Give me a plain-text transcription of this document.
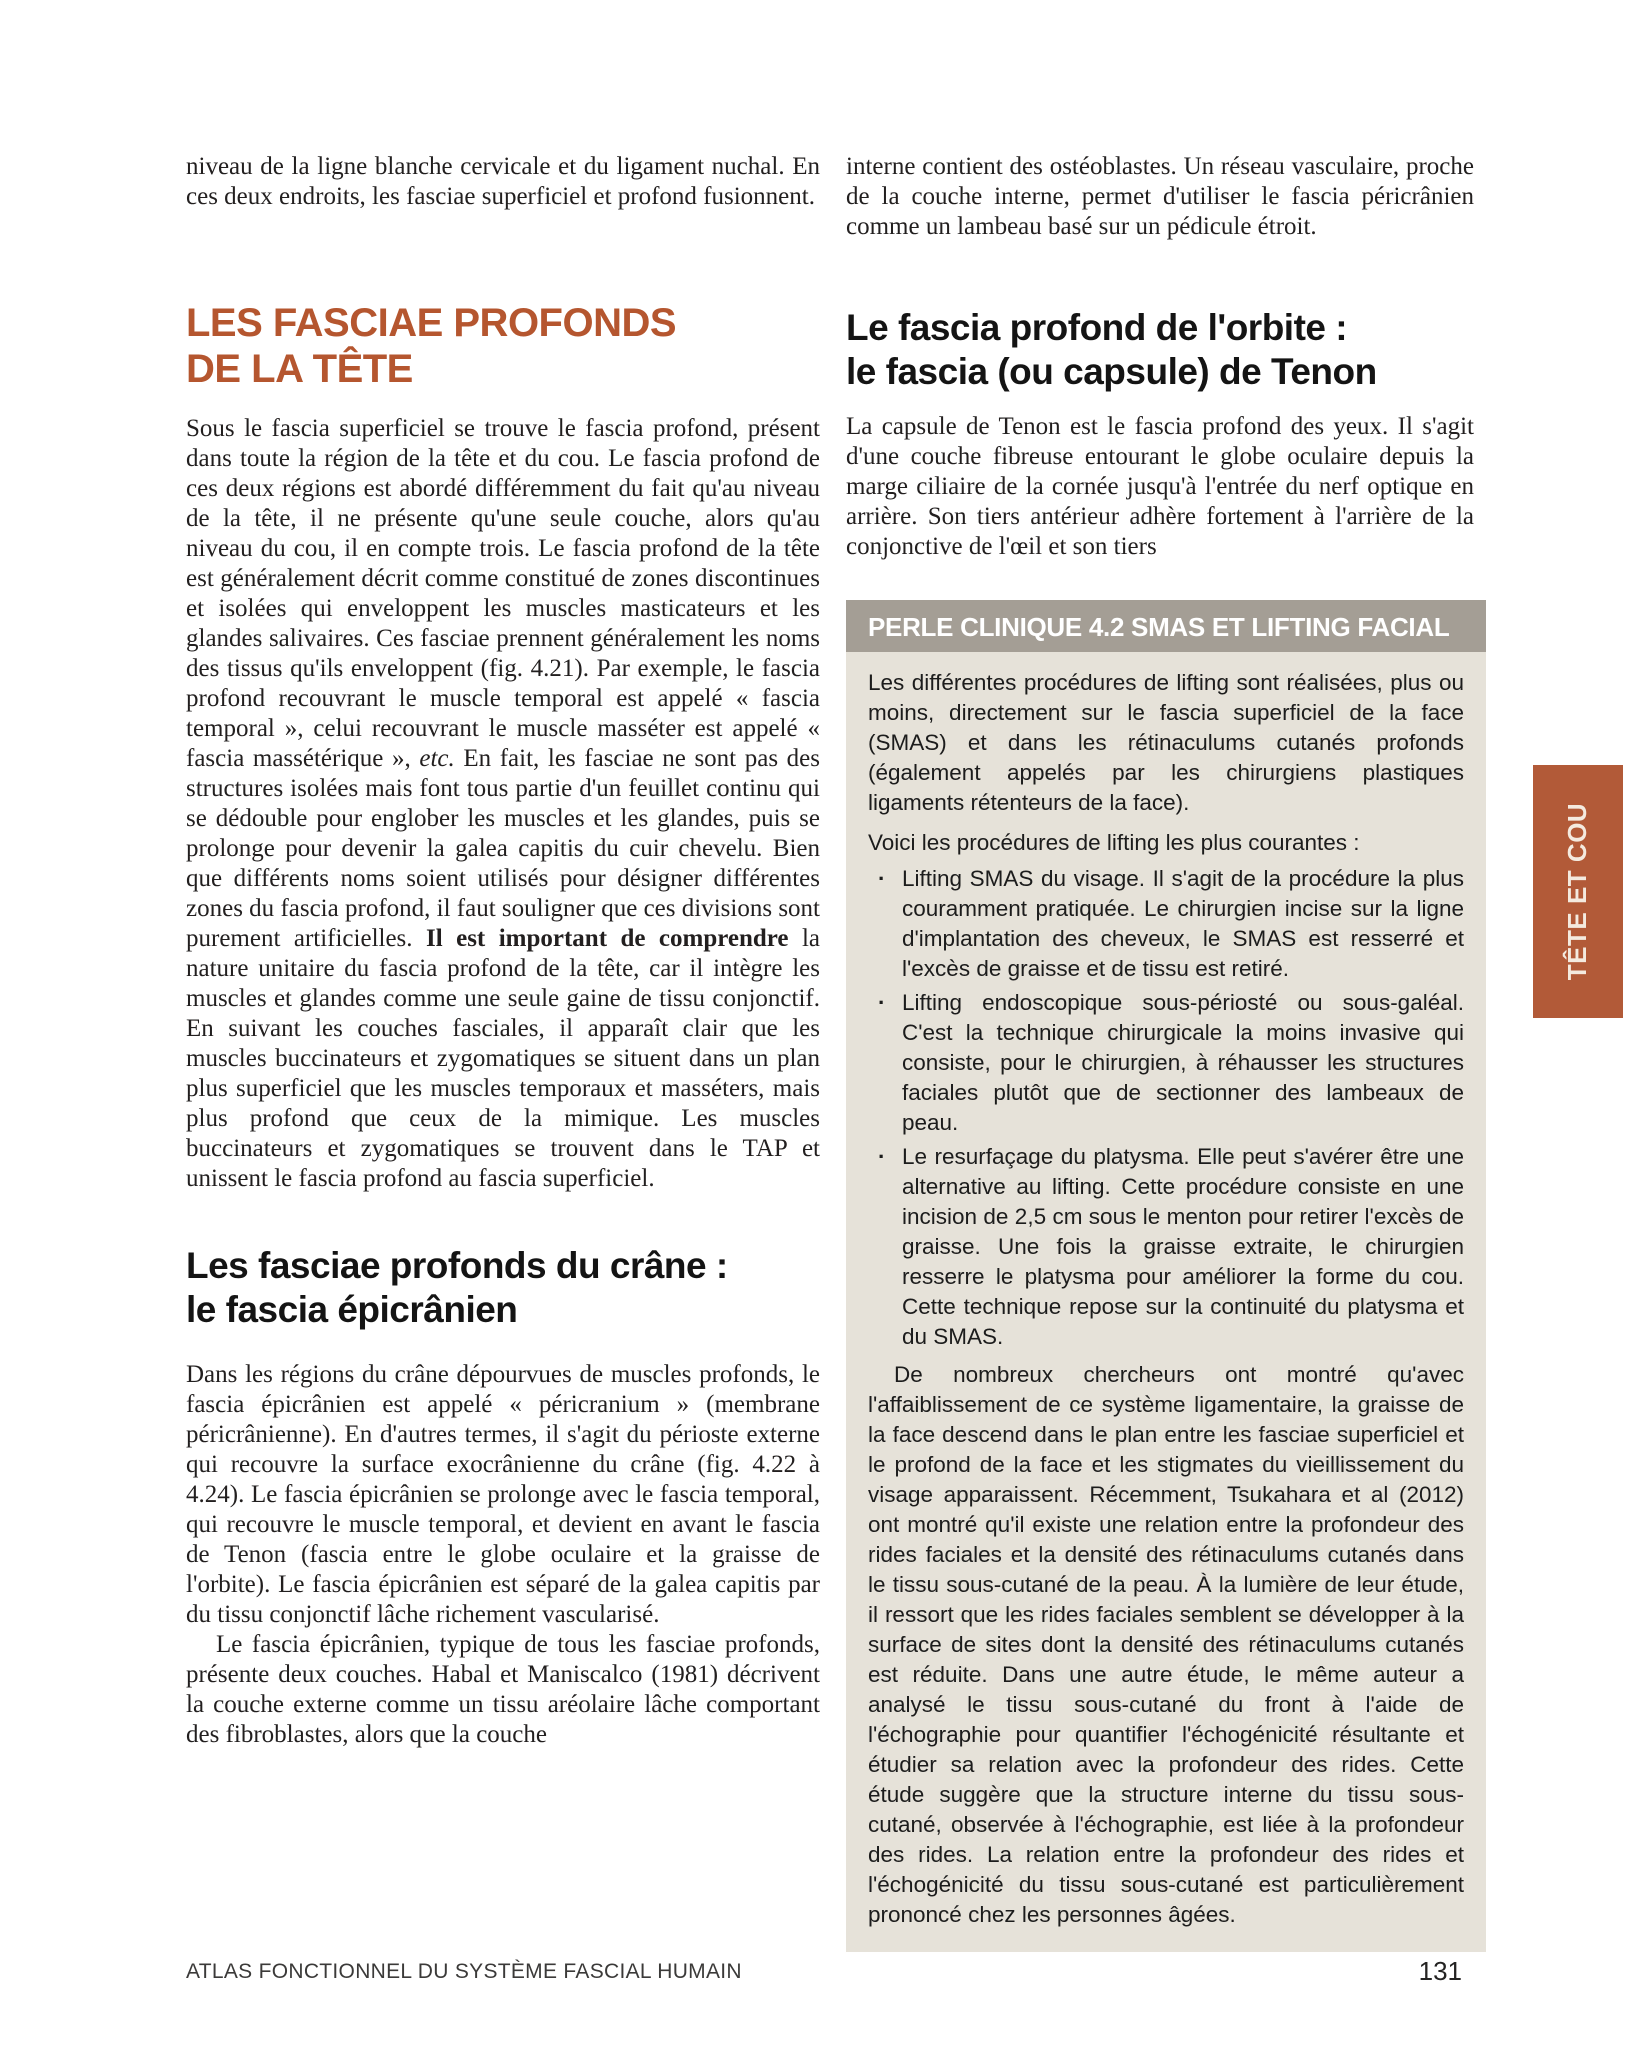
niveau de la ligne blanche cervicale et du ligament nuchal. En ces deux endroits, les fasciae superficiel et profond fusionnent.

LES FASCIAE PROFONDS
DE LA TÊTE

Sous le fascia superficiel se trouve le fascia profond, présent dans toute la région de la tête et du cou. Le fascia profond de ces deux régions est abordé différemment du fait qu'au niveau de la tête, il ne présente qu'une seule couche, alors qu'au niveau du cou, il en compte trois. Le fascia profond de la tête est généralement décrit comme constitué de zones discontinues et isolées qui enveloppent les muscles masticateurs et les glandes salivaires. Ces fasciae prennent généralement les noms des tissus qu'ils enveloppent (fig. 4.21). Par exemple, le fascia profond recouvrant le muscle temporal est appelé « fascia temporal », celui recouvrant le muscle masséter est appelé « fascia massétérique », etc. En fait, les fasciae ne sont pas des structures isolées mais font tous partie d'un feuillet continu qui se dédouble pour englober les muscles et les glandes, puis se prolonge pour devenir la galea capitis du cuir chevelu. Bien que différents noms soient utilisés pour désigner différentes zones du fascia profond, il faut souligner que ces divisions sont purement artificielles. Il est important de comprendre la nature unitaire du fascia profond de la tête, car il intègre les muscles et glandes comme une seule gaine de tissu conjonctif. En suivant les couches fasciales, il apparaît clair que les muscles buccinateurs et zygomatiques se situent dans un plan plus superficiel que les muscles temporaux et masséters, mais plus profond que ceux de la mimique. Les muscles buccinateurs et zygomatiques se trouvent dans le TAP et unissent le fascia profond au fascia superficiel.

Les fasciae profonds du crâne :
le fascia épicrânien

Dans les régions du crâne dépourvues de muscles profonds, le fascia épicrânien est appelé « péricranium » (membrane péricrânienne). En d'autres termes, il s'agit du périoste externe qui recouvre la surface exocrânienne du crâne (fig. 4.22 à 4.24). Le fascia épicrânien se prolonge avec le fascia temporal, qui recouvre le muscle temporal, et devient en avant le fascia de Tenon (fascia entre le globe oculaire et la graisse de l'orbite). Le fascia épicrânien est séparé de la galea capitis par du tissu conjonctif lâche richement vascularisé.

Le fascia épicrânien, typique de tous les fasciae profonds, présente deux couches. Habal et Maniscalco (1981) décrivent la couche externe comme un tissu aréolaire lâche comportant des fibroblastes, alors que la couche

interne contient des ostéoblastes. Un réseau vasculaire, proche de la couche interne, permet d'utiliser le fascia péricrânien comme un lambeau basé sur un pédicule étroit.

Le fascia profond de l'orbite :
le fascia (ou capsule) de Tenon

La capsule de Tenon est le fascia profond des yeux. Il s'agit d'une couche fibreuse entourant le globe oculaire depuis la marge ciliaire de la cornée jusqu'à l'entrée du nerf optique en arrière. Son tiers antérieur adhère fortement à l'arrière de la conjonctive de l'œil et son tiers

PERLE CLINIQUE 4.2 SMAS ET LIFTING FACIAL

Les différentes procédures de lifting sont réalisées, plus ou moins, directement sur le fascia superficiel de la face (SMAS) et dans les rétinaculums cutanés profonds (également appelés par les chirurgiens plastiques ligaments rétenteurs de la face).

Voici les procédures de lifting les plus courantes :

· Lifting SMAS du visage. Il s'agit de la procédure la plus couramment pratiquée. Le chirurgien incise sur la ligne d'implantation des cheveux, le SMAS est resserré et l'excès de graisse et de tissu est retiré.
· Lifting endoscopique sous-périosté ou sous-galéal. C'est la technique chirurgicale la moins invasive qui consiste, pour le chirurgien, à réhausser les structures faciales plutôt que de sectionner des lambeaux de peau.
· Le resurfaçage du platysma. Elle peut s'avérer être une alternative au lifting. Cette procédure consiste en une incision de 2,5 cm sous le menton pour retirer l'excès de graisse. Une fois la graisse extraite, le chirurgien resserre le platysma pour améliorer la forme du cou. Cette technique repose sur la continuité du platysma et du SMAS.

De nombreux chercheurs ont montré qu'avec l'affaiblissement de ce système ligamentaire, la graisse de la face descend dans le plan entre les fasciae superficiel et le profond de la face et les stigmates du vieillissement du visage apparaissent. Récemment, Tsukahara et al (2012) ont montré qu'il existe une relation entre la profondeur des rides faciales et la densité des rétinaculums cutanés dans le tissu sous-cutané de la peau. À la lumière de leur étude, il ressort que les rides faciales semblent se développer à la surface de sites dont la densité des rétinaculums cutanés est réduite. Dans une autre étude, le même auteur a analysé le tissu sous-cutané du front à l'aide de l'échographie pour quantifier l'échogénicité résultante et étudier sa relation avec la profondeur des rides. Cette étude suggère que la structure interne du tissu sous-cutané, observée à l'échographie, est liée à la profondeur des rides. La relation entre la profondeur des rides et l'échogénicité du tissu sous-cutané est particulièrement prononcé chez les personnes âgées.

TÊTE ET COU
ATLAS FONCTIONNEL DU SYSTÈME FASCIAL HUMAIN	131
